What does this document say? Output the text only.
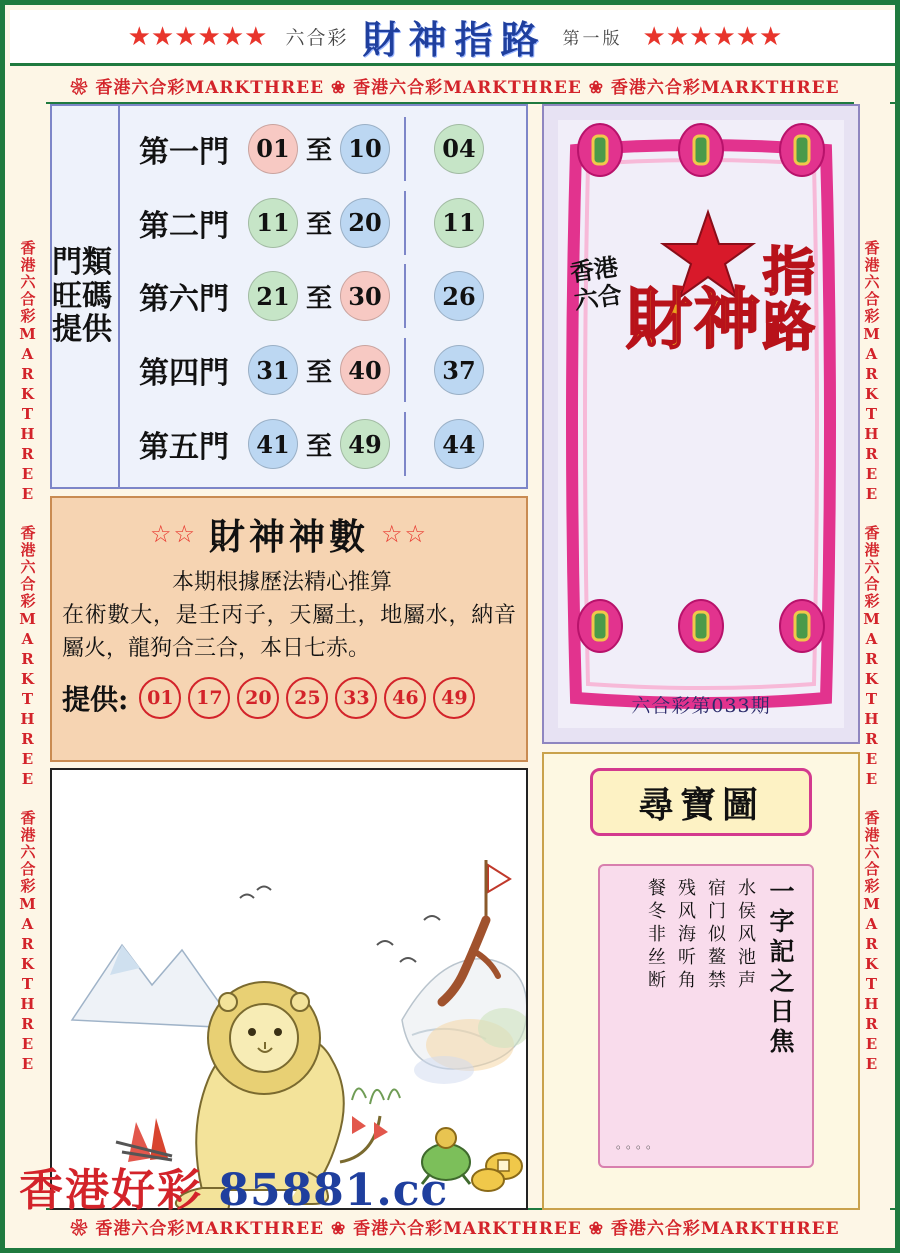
★★★★★★ 六合彩 財神指路 第一版 ★★★★★★
❀ 香港六合彩MARKTHREE ❀ 香港六合彩MARKTHREE ❀ 香港六合彩MARKTHREE
❀ 香港六合彩MARKTHREE ❀ 香港六合彩MARKTHREE ❀ 香港六合彩MARKTHREE
香港六合彩MARKTHREE 香港六合彩MARKTHREE 香港六合彩MARKTHREE	香港六合彩MARKTHREE 香港六合彩MARKTHREE 香港六合彩MARKTHREE
門類旺碼提供
第一門	01 至 10	04
第二門	11 至 20	11
第六門	21 至 30	26
第四門	31 至 40	37
第五門	41 至 49	44
☆☆ 財神神數 ☆☆
本期根據歷法精心推算
在術數大，是壬丙子，天屬土，地屬水，納音屬火，龍狗合三合，本日七赤。
提供: 01	17	20	25	33	46	49
香港六合 財神
指路
六合彩第033期
尋寶圖
一字記之日焦
水侯风池声
宿门似鳌禁
残风海听角
餐冬非丝断
。。。。
香港好彩 85881.cc
